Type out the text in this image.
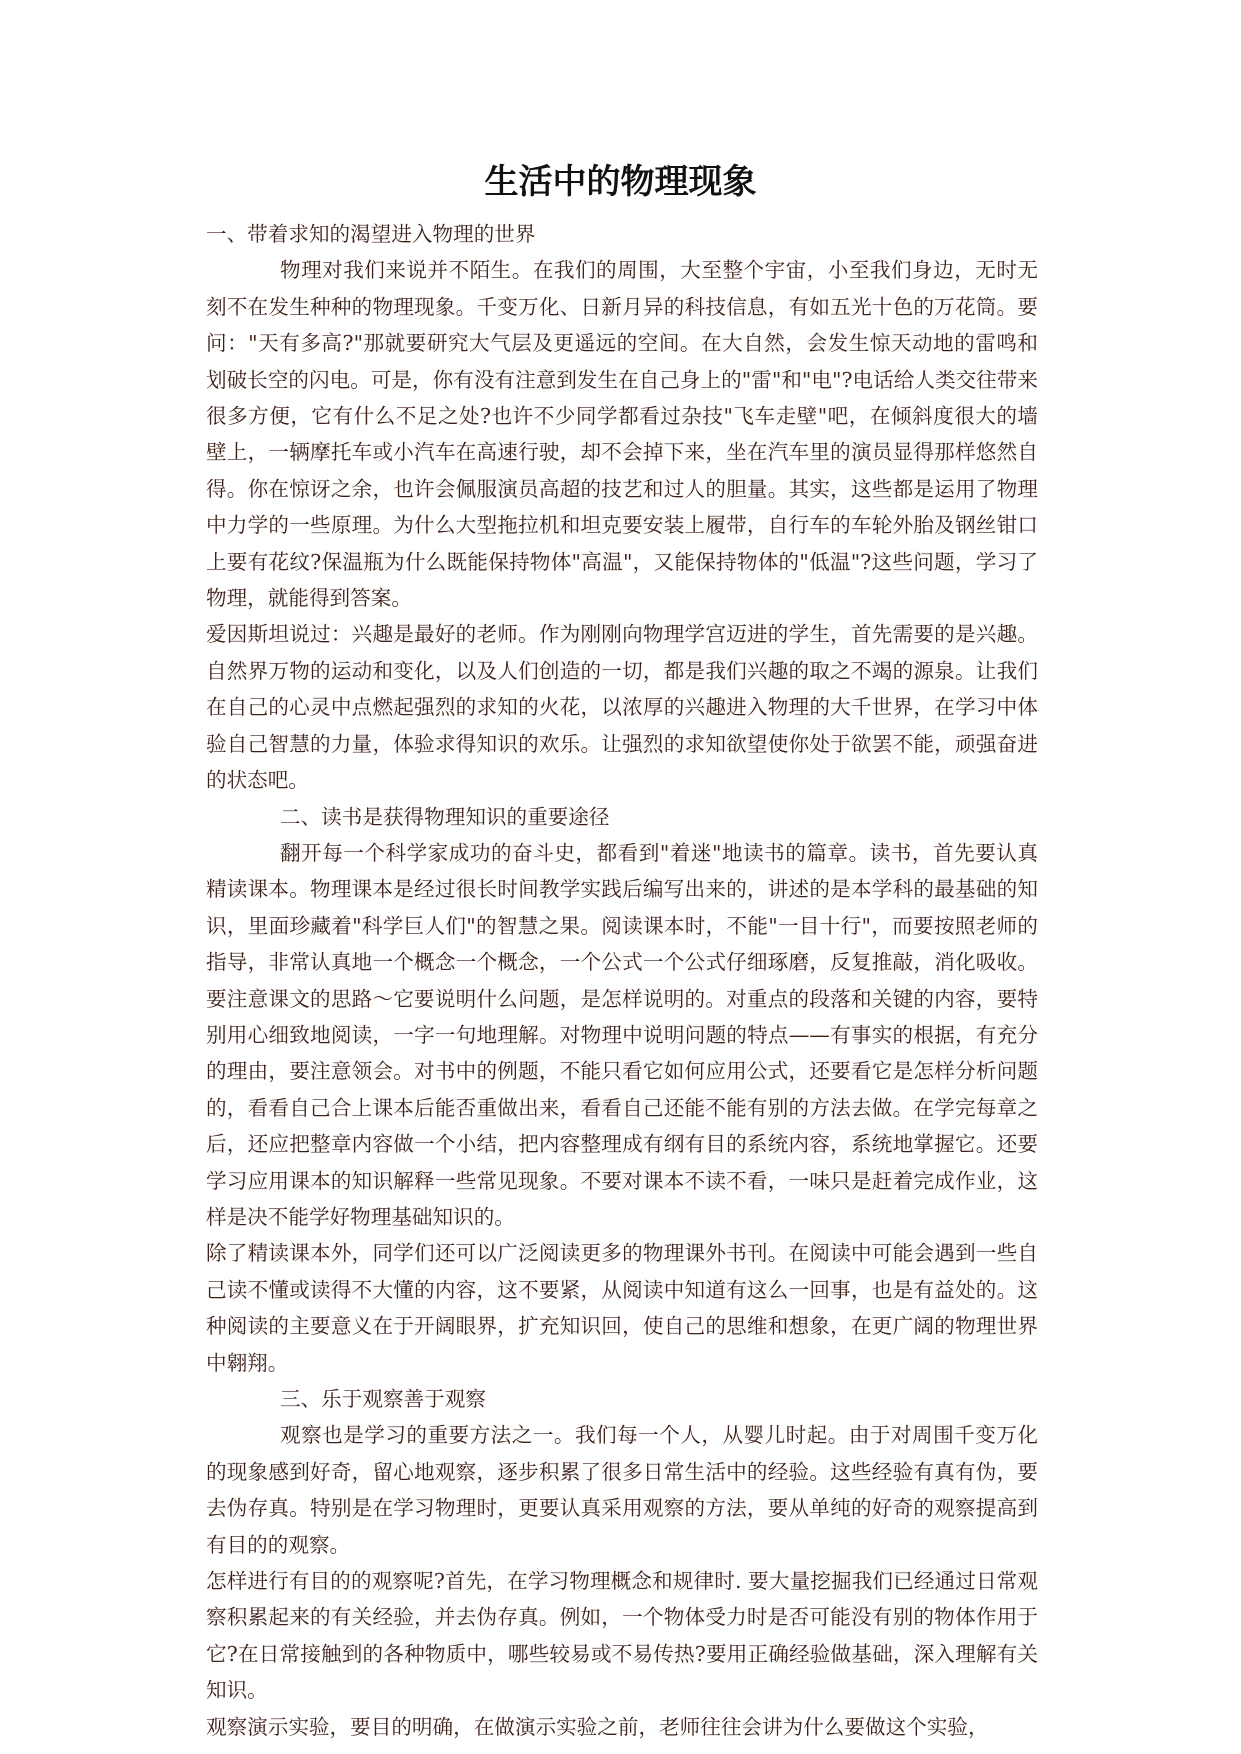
生活中的物理现象

一、带着求知的渴望进入物理的世界

物理对我们来说并不陌生。在我们的周围，大至整个宇宙，小至我们身边，无时无刻不在发生种种的物理现象。千变万化、日新月异的科技信息，有如五光十色的万花筒。要问："天有多高?"那就要研究大气层及更遥远的空间。在大自然，会发生惊天动地的雷鸣和划破长空的闪电。可是，你有没有注意到发生在自己身上的"雷"和"电"?电话给人类交往带来很多方便，它有什么不足之处?也许不少同学都看过杂技"飞车走壁"吧，在倾斜度很大的墙壁上，一辆摩托车或小汽车在高速行驶，却不会掉下来，坐在汽车里的演员显得那样悠然自得。你在惊讶之余，也许会佩服演员高超的技艺和过人的胆量。其实，这些都是运用了物理中力学的一些原理。为什么大型拖拉机和坦克要安装上履带，自行车的车轮外胎及钢丝钳口上要有花纹?保温瓶为什么既能保持物体"高温"，又能保持物体的"低温"?这些问题，学习了物理，就能得到答案。

爱因斯坦说过：兴趣是最好的老师。作为刚刚向物理学宫迈进的学生，首先需要的是兴趣。自然界万物的运动和变化，以及人们创造的一切，都是我们兴趣的取之不竭的源泉。让我们在自己的心灵中点燃起强烈的求知的火花，以浓厚的兴趣进入物理的大千世界，在学习中体验自己智慧的力量，体验求得知识的欢乐。让强烈的求知欲望使你处于欲罢不能，顽强奋进的状态吧。

二、读书是获得物理知识的重要途径

翻开每一个科学家成功的奋斗史，都看到"着迷"地读书的篇章。读书，首先要认真精读课本。物理课本是经过很长时间教学实践后编写出来的，讲述的是本学科的最基础的知识，里面珍藏着"科学巨人们"的智慧之果。阅读课本时，不能"一目十行"，而要按照老师的指导，非常认真地一个概念一个概念，一个公式一个公式仔细琢磨，反复推敲，消化吸收。要注意课文的思路～它要说明什么问题，是怎样说明的。对重点的段落和关键的内容，要特别用心细致地阅读，一字一句地理解。对物理中说明问题的特点——有事实的根据，有充分的理由，要注意领会。对书中的例题，不能只看它如何应用公式，还要看它是怎样分析问题的，看看自己合上课本后能否重做出来，看看自己还能不能有别的方法去做。在学完每章之后，还应把整章内容做一个小结，把内容整理成有纲有目的系统内容，系统地掌握它。还要学习应用课本的知识解释一些常见现象。不要对课本不读不看，一味只是赶着完成作业，这样是决不能学好物理基础知识的。

除了精读课本外，同学们还可以广泛阅读更多的物理课外书刊。在阅读中可能会遇到一些自己读不懂或读得不大懂的内容，这不要紧，从阅读中知道有这么一回事，也是有益处的。这种阅读的主要意义在于开阔眼界，扩充知识回，使自己的思维和想象，在更广阔的物理世界中翱翔。

三、乐于观察善于观察

观察也是学习的重要方法之一。我们每一个人，从婴儿时起。由于对周围千变万化的现象感到好奇，留心地观察，逐步积累了很多日常生活中的经验。这些经验有真有伪，要去伪存真。特别是在学习物理时，更要认真采用观察的方法，要从单纯的好奇的观察提高到有目的的观察。

怎样进行有目的的观察呢?首先，在学习物理概念和规律时. 要大量挖掘我们已经通过日常观察积累起来的有关经验，并去伪存真。例如，一个物体受力时是否可能没有别的物体作用于它?在日常接触到的各种物质中，哪些较易或不易传热?要用正确经验做基础，深入理解有关知识。

观察演示实验，要目的明确，在做演示实验之前，老师往往会讲为什么要做这个实验，
